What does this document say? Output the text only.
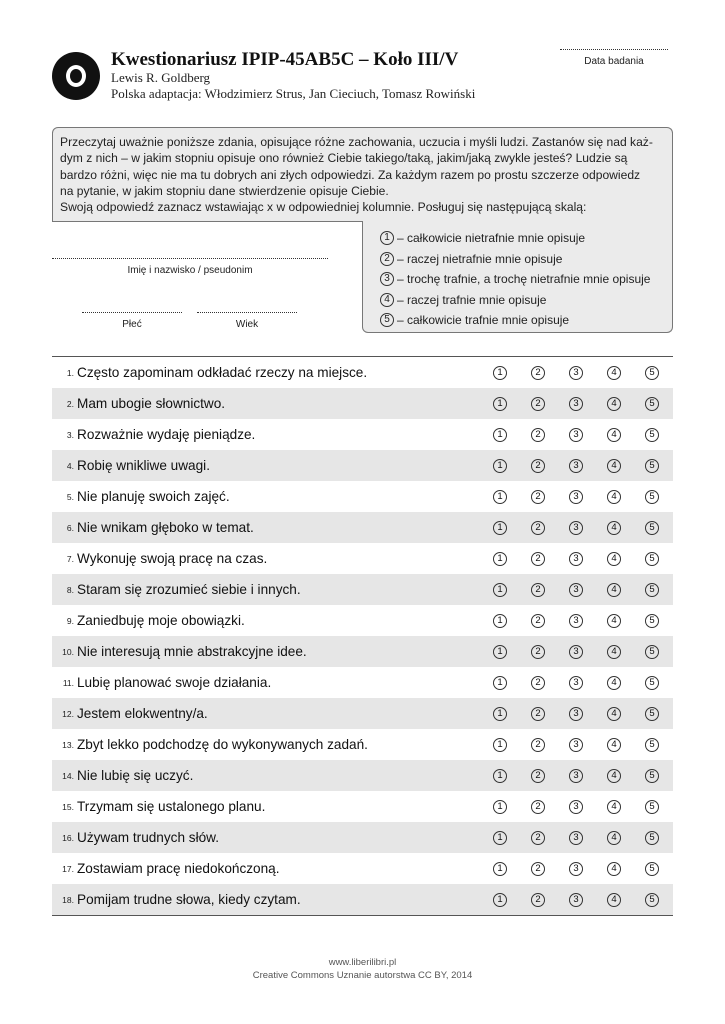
Kwestionariusz IPIP-45AB5C – Koło III/V
Lewis R. Goldberg
Polska adaptacja: Włodzimierz Strus, Jan Cieciuch, Tomasz Rowiński
Data badania
Przeczytaj uważnie poniższe zdania, opisujące różne zachowania, uczucia i myśli ludzi. Zastanów się nad każ-
dym z nich – w jakim stopniu opisuje ono również Ciebie takiego/taką, jakim/jaką zwykle jesteś? Ludzie są
bardzo różni, więc nie ma tu dobrych ani złych odpowiedzi. Za każdym razem po prostu szczerze odpowiedz
na pytanie, w jakim stopniu dane stwierdzenie opisuje Ciebie.
Swoją odpowiedź zaznacz wstawiając x w odpowiedniej kolumnie. Posługuj się następującą skalą:
1 – całkowicie nietrafnie mnie opisuje
2 – raczej nietrafnie mnie opisuje
3 – trochę trafnie, a trochę nietrafnie mnie opisuje
4 – raczej trafnie mnie opisuje
5 – całkowicie trafnie mnie opisuje
Imię i nazwisko / pseudonim
Płeć	Wiek
1. Często zapominam odkładać rzeczy na miejsce.	1	2	3	4	5
2. Mam ubogie słownictwo.	1	2	3	4	5
3. Rozważnie wydaję pieniądze.	1	2	3	4	5
4. Robię wnikliwe uwagi.	1	2	3	4	5
5. Nie planuję swoich zajęć.	1	2	3	4	5
6. Nie wnikam głęboko w temat.	1	2	3	4	5
7. Wykonuję swoją pracę na czas.	1	2	3	4	5
8. Staram się zrozumieć siebie i innych.	1	2	3	4	5
9. Zaniedbuję moje obowiązki.	1	2	3	4	5
10. Nie interesują mnie abstrakcyjne idee.	1	2	3	4	5
11. Lubię planować swoje działania.	1	2	3	4	5
12. Jestem elokwentny/a.	1	2	3	4	5
13. Zbyt lekko podchodzę do wykonywanych zadań.	1	2	3	4	5
14. Nie lubię się uczyć.	1	2	3	4	5
15. Trzymam się ustalonego planu.	1	2	3	4	5
16. Używam trudnych słów.	1	2	3	4	5
17. Zostawiam pracę niedokończoną.	1	2	3	4	5
18. Pomijam trudne słowa, kiedy czytam.	1	2	3	4	5
www.liberilibri.pl
Creative Commons Uznanie autorstwa CC BY, 2014
